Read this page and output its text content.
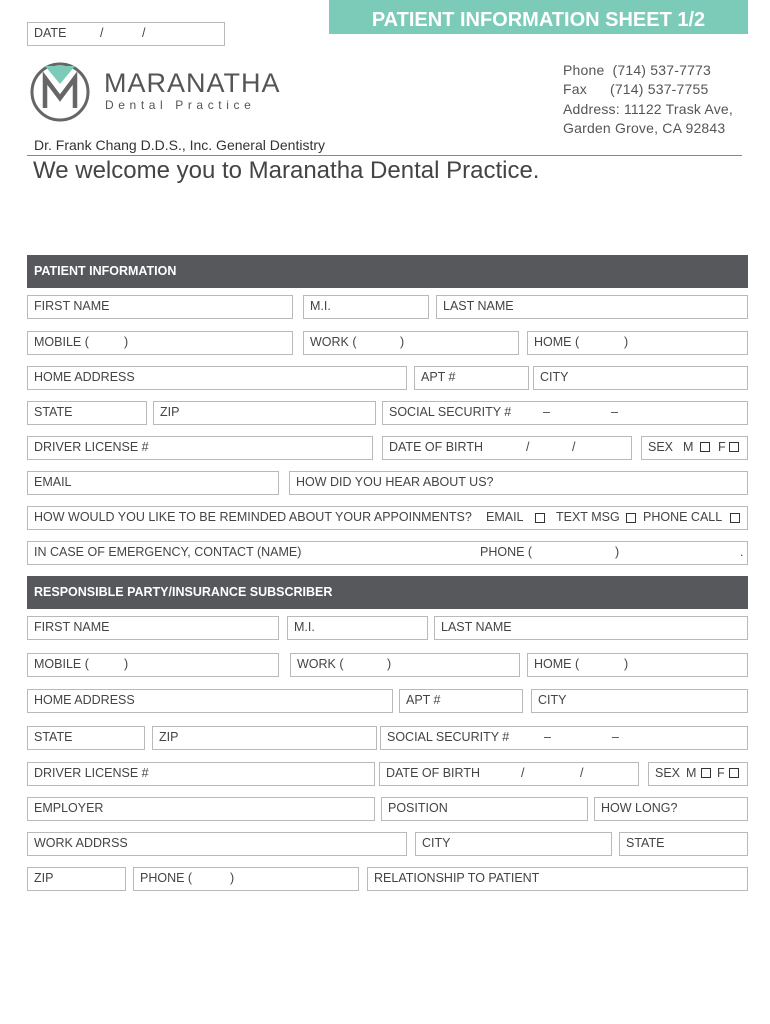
PATIENT INFORMATION SHEET 1/2
DATE	/	/
MARANATHA
Dental Practice
Phone (714) 537-7773
Fax (714) 537-7755
Address: 11122 Trask Ave,
Garden Grove, CA 92843
Dr. Frank Chang D.D.S., Inc. General Dentistry
We welcome you to Maranatha Dental Practice.
PATIENT INFORMATION
FIRST NAME	M.I.	LAST NAME
MOBILE (	)	WORK (	)	HOME (	)
HOME ADDRESS	APT #	CITY
STATE	ZIP	SOCIAL SECURITY #	–	–
DRIVER LICENSE #	DATE OF BIRTH	/	/	SEX M F
EMAIL	HOW DID YOU HEAR ABOUT US?
HOW WOULD YOU LIKE TO BE REMINDED ABOUT YOUR APPOINMENTS? EMAIL	TEXT MSG PHONE CALL
IN CASE OF EMERGENCY, CONTACT (NAME)	PHONE (	)	.
RESPONSIBLE PARTY/INSURANCE SUBSCRIBER
FIRST NAME	M.I.	LAST NAME
MOBILE (	)	WORK (	)	HOME (	)
HOME ADDRESS	APT #	CITY
STATE	ZIP	SOCIAL SECURITY #	–	–
DRIVER LICENSE #	DATE OF BIRTH	/	/	SEX M F
EMPLOYER	POSITION	HOW LONG?
WORK ADDRSS	CITY	STATE
ZIP	PHONE (	)	RELATIONSHIP TO PATIENT
